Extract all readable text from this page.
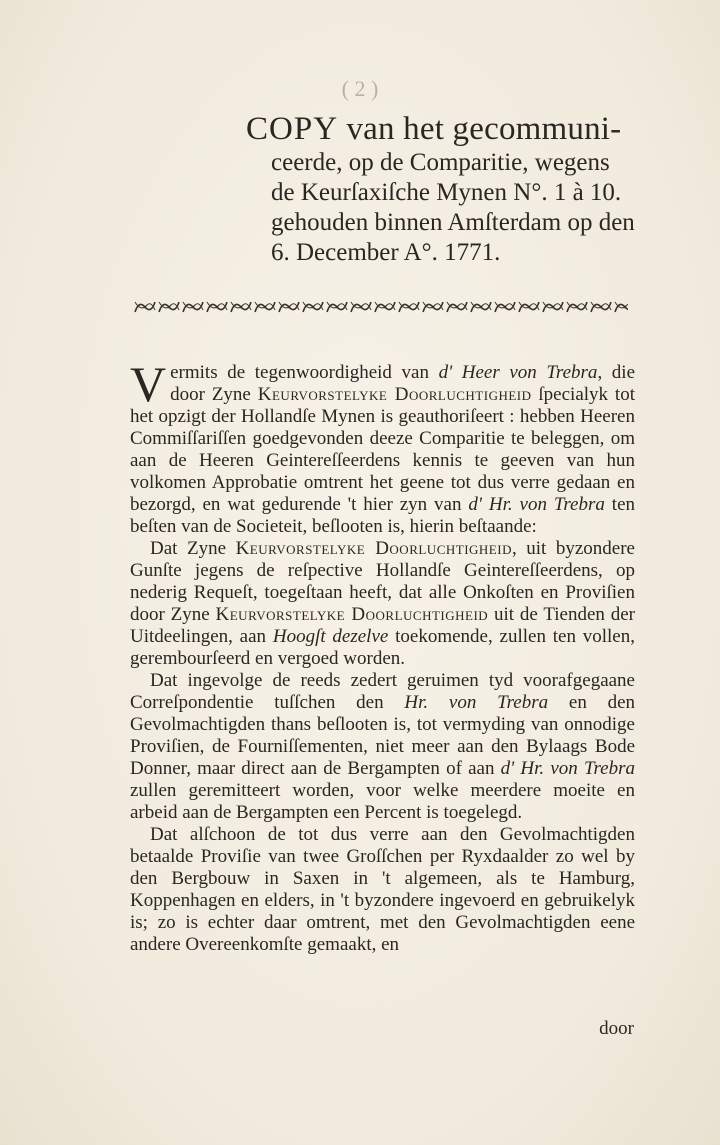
( 2 )
COPY van het gecommuni-
ceerde, op de Comparitie, wegens
de Keurſaxiſche Mynen N°. 1 à 10.
gehouden binnen Amſterdam op den
6. December A°. 1771.

Vermits de tegenwoordigheid van d' Heer von Trebra, die door Zyne Keurvorstelyke Doorluchtigheid ſpecialyk tot het opzigt der Hollandſe Mynen is geauthoriſeert : hebben Heeren Commiſſariſſen goedgevonden deeze Comparitie te beleggen, om aan de Heeren Geintereſſeerdens kennis te geeven van hun volkomen Approbatie omtrent het geene tot dus verre gedaan en bezorgd, en wat gedurende 't hier zyn van d' Hr. von Trebra ten beſten van de Societeit, beſlooten is, hierin beſtaande:

Dat Zyne Keurvorstelyke Doorluchtigheid, uit byzondere Gunſte jegens de reſpective Hollandſe Geintereſſeerdens, op nederig Requeſt, toegeſtaan heeft, dat alle Onkoſten en Proviſien door Zyne Keurvorstelyke Doorluchtigheid uit de Tienden der Uitdeelingen, aan Hoogſt dezelve toekomende, zullen ten vollen, gerembourſeerd en vergoed worden.

Dat ingevolge de reeds zedert geruimen tyd voorafgegaane Correſpondentie tuſſchen den Hr. von Trebra en den Gevolmachtigden thans beſlooten is, tot vermyding van onnodige Proviſien, de Fourniſſementen, niet meer aan den Bylaags Bode Donner, maar direct aan de Bergampten of aan d' Hr. von Trebra zullen geremitteert worden, voor welke meerdere moeite en arbeid aan de Bergampten een Percent is toegelegd.

Dat alſchoon de tot dus verre aan den Gevolmachtigden betaalde Proviſie van twee Groſſchen per Ryxdaalder zo wel by den Bergbouw in Saxen in 't algemeen, als te Hamburg, Koppenhagen en elders, in 't byzondere ingevoerd en gebruikelyk is; zo is echter daar omtrent, met den Gevolmachtigden eene andere Overeenkomſte gemaakt, en

door
